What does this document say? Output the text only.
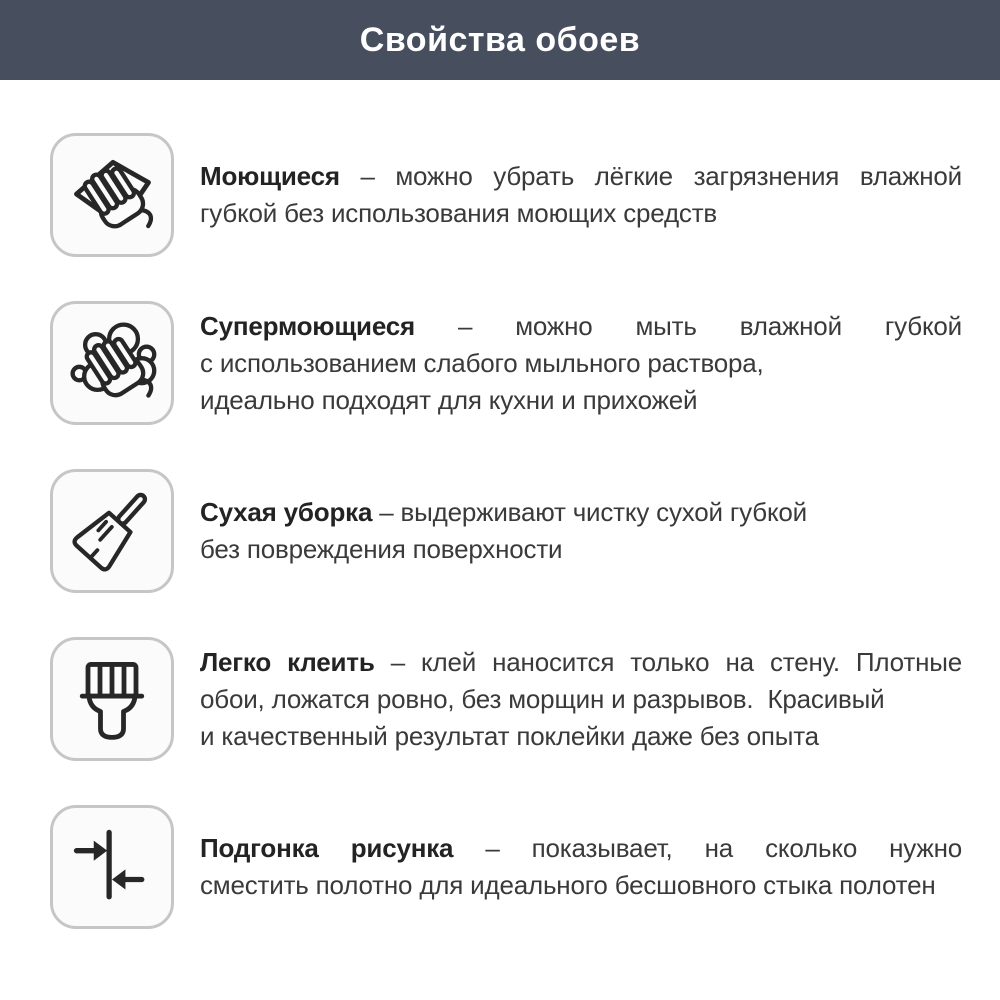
Свойства обоев
Моющиеся – можно убрать лёгкие загрязнения влажной
губкой без использования моющих средств
Супермоющиеся – можно мыть влажной губкой
с использованием слабого мыльного раствора,
идеально подходят для кухни и прихожей
Сухая уборка – выдерживают чистку сухой губкой
без повреждения поверхности
Легко клеить – клей наносится только на стену. Плотные
обои, ложатся ровно, без морщин и разрывов.  Красивый
и качественный результат поклейки даже без опыта
Подгонка рисунка – показывает, на сколько нужно
сместить полотно для идеального бесшовного стыка полотен
